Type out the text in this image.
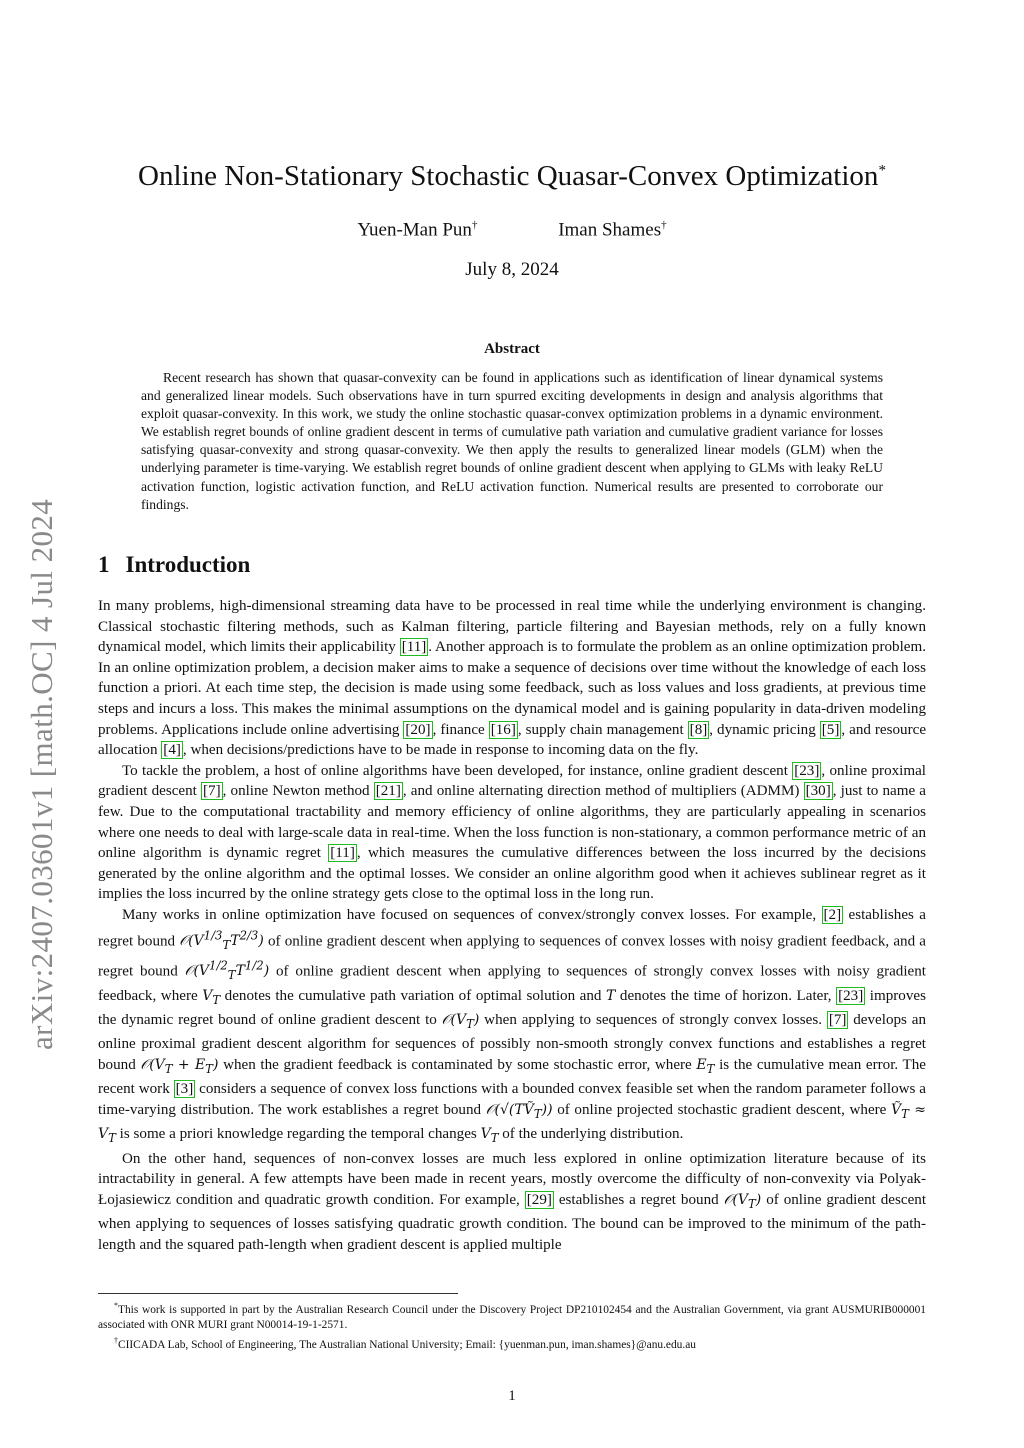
arXiv:2407.03601v1 [math.OC] 4 Jul 2024
Online Non-Stationary Stochastic Quasar-Convex Optimization*
Yuen-Man Pun†	Iman Shames†
July 8, 2024
Abstract

Recent research has shown that quasar-convexity can be found in applications such as identification of linear dynamical systems and generalized linear models. Such observations have in turn spurred exciting developments in design and analysis algorithms that exploit quasar-convexity. In this work, we study the online stochastic quasar-convex optimization problems in a dynamic environment. We establish regret bounds of online gradient descent in terms of cumulative path variation and cumulative gradient variance for losses satisfying quasar-convexity and strong quasar-convexity. We then apply the results to generalized linear models (GLM) when the underlying parameter is time-varying. We establish regret bounds of online gradient descent when applying to GLMs with leaky ReLU activation function, logistic activation function, and ReLU activation function. Numerical results are presented to corroborate our findings.

1 Introduction

In many problems, high-dimensional streaming data have to be processed in real time while the underlying environment is changing. Classical stochastic filtering methods, such as Kalman filtering, particle filtering and Bayesian methods, rely on a fully known dynamical model, which limits their applicability [11] . Another approach is to formulate the problem as an online optimization problem. In an online optimization problem, a decision maker aims to make a sequence of decisions over time without the knowledge of each loss function a priori. At each time step, the decision is made using some feedback, such as loss values and loss gradients, at previous time steps and incurs a loss. This makes the minimal assumptions on the dynamical model and is gaining popularity in data-driven modeling problems. Applications include online advertising [20] , finance [16] , supply chain management [8] , dynamic pricing [5] , and resource allocation [4] , when decisions/predictions have to be made in response to incoming data on the fly.

To tackle the problem, a host of online algorithms have been developed, for instance, online gradient descent [23] , online proximal gradient descent [7] , online Newton method [21] , and online alternating direction method of multipliers (ADMM) [30] , just to name a few. Due to the computational tractability and memory efficiency of online algorithms, they are particularly appealing in scenarios where one needs to deal with large-scale data in real-time. When the loss function is non-stationary, a common performance metric of an online algorithm is dynamic regret [11] , which measures the cumulative differences between the loss incurred by the decisions generated by the online algorithm and the optimal losses. We consider an online algorithm good when it achieves sublinear regret as it implies the loss incurred by the online strategy gets close to the optimal loss in the long run.

Many works in online optimization have focused on sequences of convex/strongly convex losses. For example, [2] establishes a regret bound $𝒪(V^{1/3}_TT^{2/3})$ of online gradient descent when applying to sequences of convex losses with noisy gradient feedback, and a regret bound $𝒪(V^{1/2}_TT^{1/2})$ of online gradient descent when applying to sequences of strongly convex losses with noisy gradient feedback, where $V_T$ denotes the cumulative path variation of optimal solution and T denotes the time of horizon. Later, [23] improves the dynamic regret bound of online gradient descent to $𝒪(V_T)$ when applying to sequences of strongly convex losses. [7] develops an online proximal gradient descent algorithm for sequences of possibly non-smooth strongly convex functions and establishes a regret bound $𝒪(V_T + E_T)$ when the gradient feedback is contaminated by some stochastic error, where $E_T$ is the cumulative mean error. The recent work [3] considers a sequence of convex loss functions with a bounded convex feasible set when the random parameter follows a time-varying distribution. The work establishes a regret bound 𝒪(√(TṼ$_T$)) of online projected stochastic gradient descent, where Ṽ$_T$ ≈ $V_T$ is some a priori knowledge regarding the temporal changes $V_T$ of the underlying distribution.

On the other hand, sequences of non-convex losses are much less explored in online optimization literature because of its intractability in general. A few attempts have been made in recent years, mostly overcome the difficulty of non-convexity via Polyak-Łojasiewicz condition and quadratic growth condition. For example, [29] establishes a regret bound $𝒪(V_T)$ of online gradient descent when applying to sequences of losses satisfying quadratic growth condition. The bound can be improved to the minimum of the path-length and the squared path-length when gradient descent is applied multiple

*This work is supported in part by the Australian Research Council under the Discovery Project DP210102454 and the Australian Government, via grant AUSMURIB000001 associated with ONR MURI grant N00014-19-1-2571.

†CIICADA Lab, School of Engineering, The Australian National University; Email: {yuenman.pun, iman.shames}@anu.edu.au

1
